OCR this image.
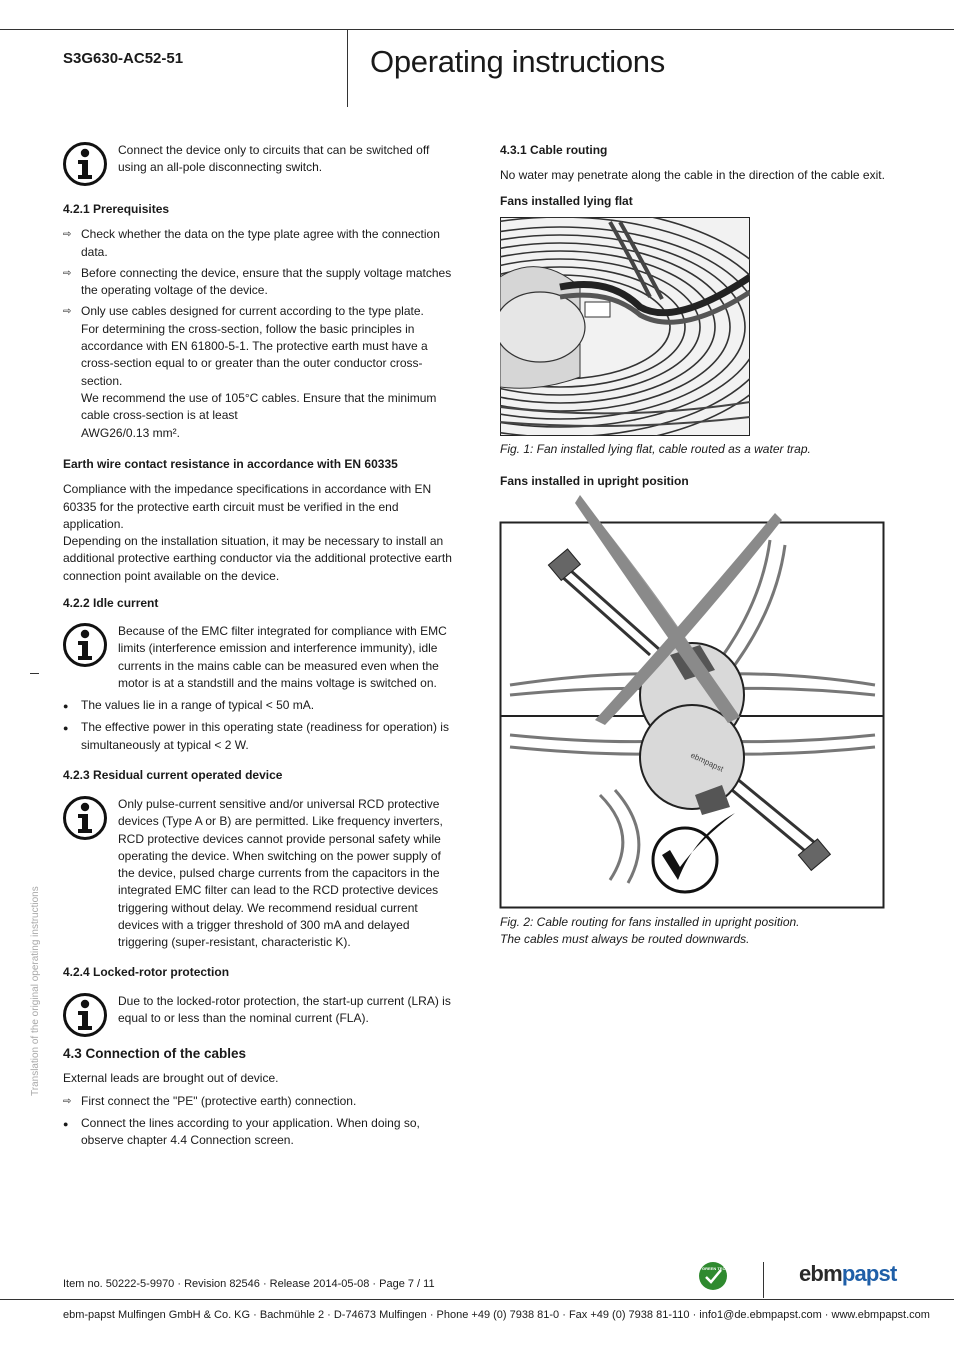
S3G630-AC52-51	Operating instructions
Translation of the original operating instructions
Connect the device only to circuits that can be switched off using an all-pole disconnecting switch.

4.2.1 Prerequisites

⇨ Check whether the data on the type plate agree with the connection data.
⇨ Before connecting the device, ensure that the supply voltage matches the operating voltage of the device.
⇨ Only use cables designed for current according to the type plate.
For determining the cross-section, follow the basic principles in accordance with EN 61800-5-1. The protective earth must have a cross-section equal to or greater than the outer conductor cross-section.
We recommend the use of 105°C cables. Ensure that the minimum cable cross-section is at least
AWG26/0.13 mm².

Earth wire contact resistance in accordance with EN 60335

Compliance with the impedance specifications in accordance with EN 60335 for the protective earth circuit must be verified in the end application.

Depending on the installation situation, it may be necessary to install an additional protective earthing conductor via the additional protective earth connection point available on the device.

4.2.2 Idle current

Because of the EMC filter integrated for compliance with EMC limits (interference emission and interference immunity), idle currents in the mains cable can be measured even when the motor is at a standstill and the mains voltage is switched on.
● The values lie in a range of typical < 50 mA.
● The effective power in this operating state (readiness for operation) is simultaneously at typical < 2 W.

4.2.3 Residual current operated device

Only pulse-current sensitive and/or universal RCD protective devices (Type A or B) are permitted. Like frequency inverters, RCD protective devices cannot provide personal safety while operating the device. When switching on the power supply of the device, pulsed charge currents from the capacitors in the integrated EMC filter can lead to the RCD protective devices triggering without delay. We recommend residual current devices with a trigger threshold of 300 mA and delayed triggering (super-resistant, characteristic K).

4.2.4 Locked-rotor protection

Due to the locked-rotor protection, the start-up current (LRA) is equal to or less than the nominal current (FLA).

4.3 Connection of the cables

External leads are brought out of device.

⇨ First connect the "PE" (protective earth) connection.
● Connect the lines according to your application. When doing so, observe chapter 4.4 Connection screen.

4.3.1 Cable routing

No water may penetrate along the cable in the direction of the cable exit.

Fans installed lying flat

Fig. 1: Fan installed lying flat, cable routed as a water trap.

Fans installed in upright position

ebmpapst
Fig. 2: Cable routing for fans installed in upright position.
The cables must always be routed downwards.
Item no. 50222-5-9970 · Revision 82546 · Release 2014-05-08 · Page 7 / 11
GREEN TECH	ebmpapst
ebm-papst Mulfingen GmbH & Co. KG · Bachmühle 2 · D-74673 Mulfingen · Phone +49 (0) 7938 81-0 · Fax +49 (0) 7938 81-110 · info1@de.ebmpapst.com · www.ebmpapst.com
